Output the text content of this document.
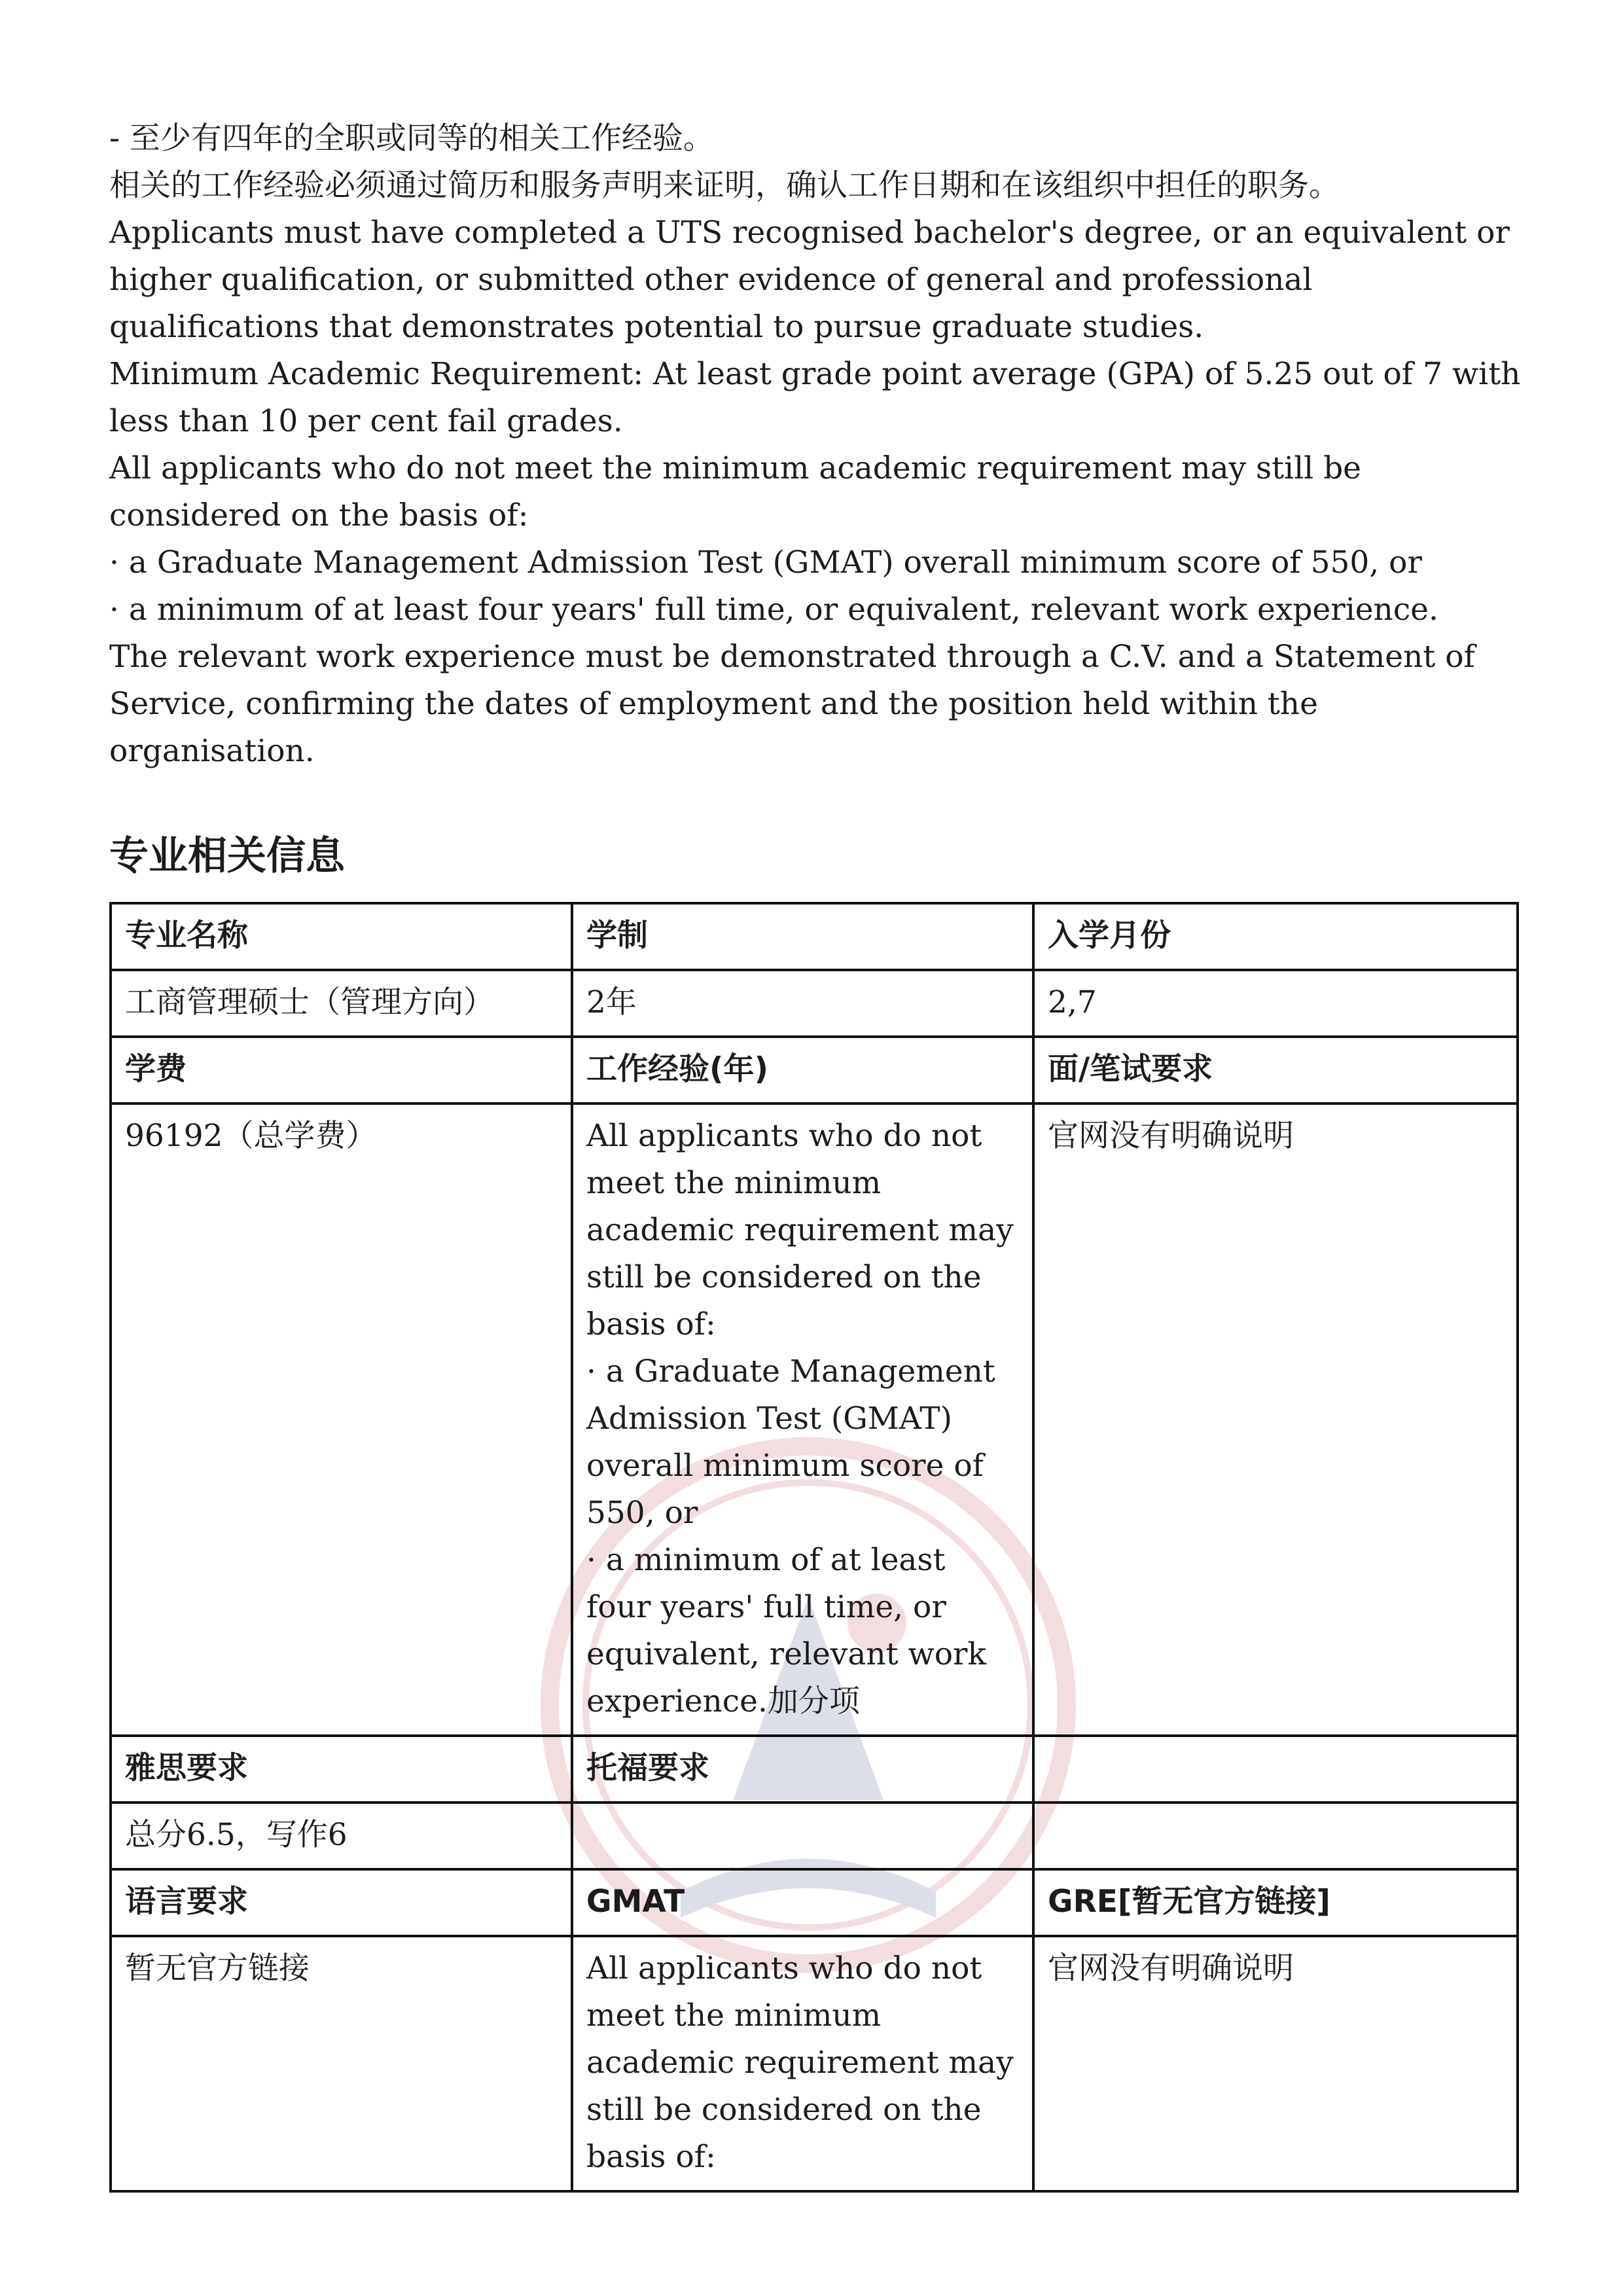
- 至少有四年的全职或同等的相关工作经验。

相关的工作经验必须通过简历和服务声明来证明，确认工作日期和在该组织中担任的职务。

Applicants must have completed a UTS recognised bachelor's degree, or an equivalent or higher qualification, or submitted other evidence of general and professional qualifications that demonstrates potential to pursue graduate studies.

Minimum Academic Requirement: At least grade point average (GPA) of 5.25 out of 7 with less than 10 per cent fail grades.

All applicants who do not meet the minimum academic requirement may still be considered on the basis of:

· a Graduate Management Admission Test (GMAT) overall minimum score of 550, or

· a minimum of at least four years' full time, or equivalent, relevant work experience.

The relevant work experience must be demonstrated through a C.V. and a Statement of Service, confirming the dates of employment and the position held within the organisation.

专业相关信息
专业名称	学制	入学月份
工商管理硕士（管理方向）	2年	2,7
学费	工作经验(年)	面/笔试要求
96192（总学费）	All applicants who do not meet the minimum academic requirement may still be considered on the basis of:

· a Graduate Management Admission Test (GMAT) overall minimum score of 550, or

· a minimum of at least four years' full time, or equivalent, relevant work experience.加分项	官网没有明确说明
雅思要求	托福要求	
总分6.5，写作6		
语言要求	GMAT	GRE[暂无官方链接]
暂无官方链接	All applicants who do not meet the minimum academic requirement may still be considered on the basis of:	官网没有明确说明
